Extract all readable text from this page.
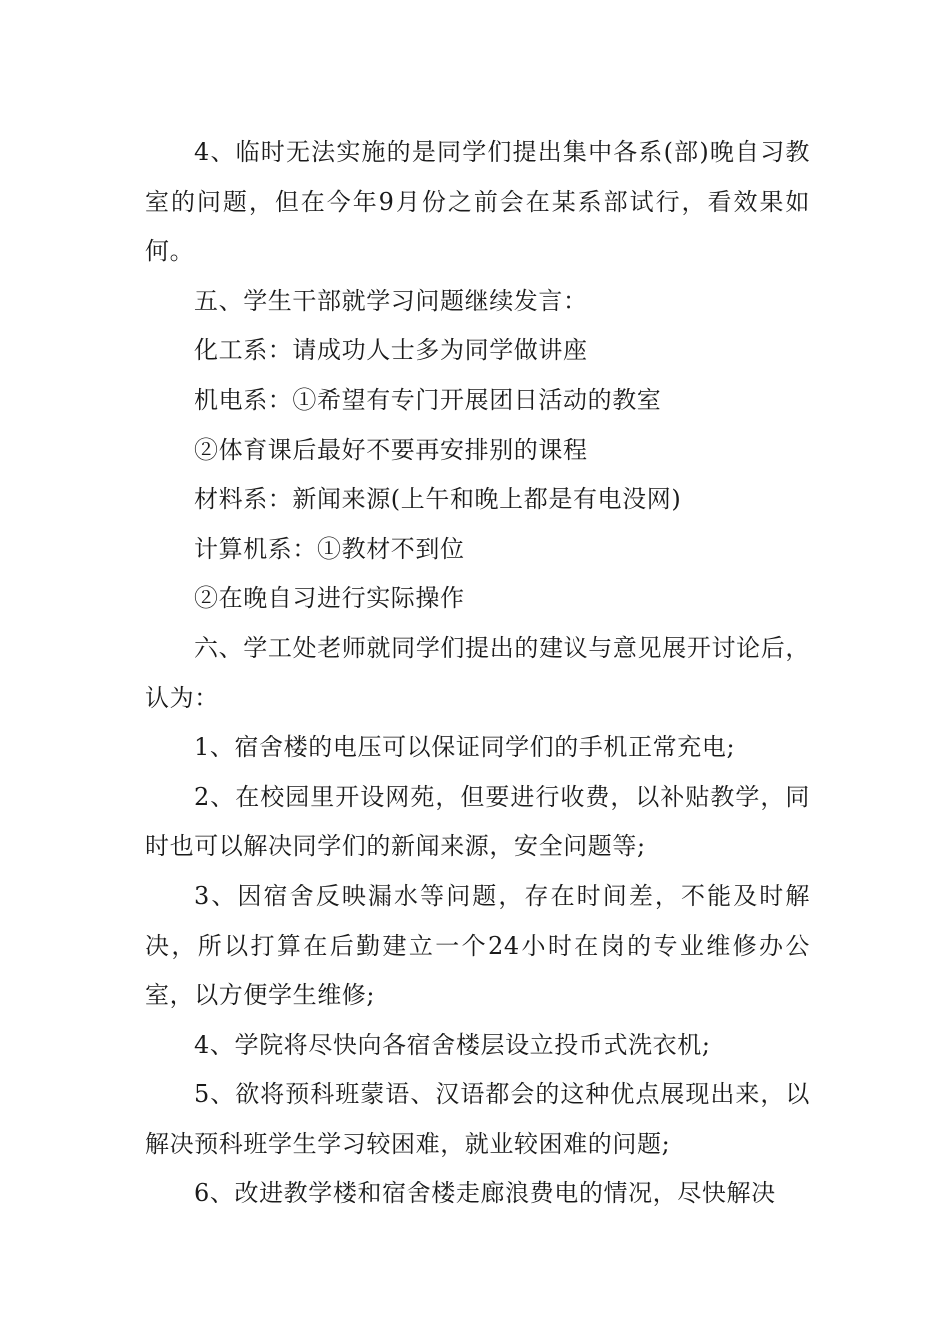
4、临时无法实施的是同学们提出集中各系(部)晚自习教室的问题，但在今年9月份之前会在某系部试行，看效果如何。

五、学生干部就学习问题继续发言：

化工系：请成功人士多为同学做讲座

机电系：①希望有专门开展团日活动的教室

②体育课后最好不要再安排别的课程

材料系：新闻来源(上午和晚上都是有电没网)

计算机系：①教材不到位

②在晚自习进行实际操作

六、学工处老师就同学们提出的建议与意见展开讨论后，认为：

1、宿舍楼的电压可以保证同学们的手机正常充电;

2、在校园里开设网苑，但要进行收费，以补贴教学，同时也可以解决同学们的新闻来源，安全问题等;

3、因宿舍反映漏水等问题，存在时间差，不能及时解决，所以打算在后勤建立一个24小时在岗的专业维修办公室，以方便学生维修;

4、学院将尽快向各宿舍楼层设立投币式洗衣机;

5、欲将预科班蒙语、汉语都会的这种优点展现出来，以解决预科班学生学习较困难，就业较困难的问题;

6、改进教学楼和宿舍楼走廊浪费电的情况，尽快解决
